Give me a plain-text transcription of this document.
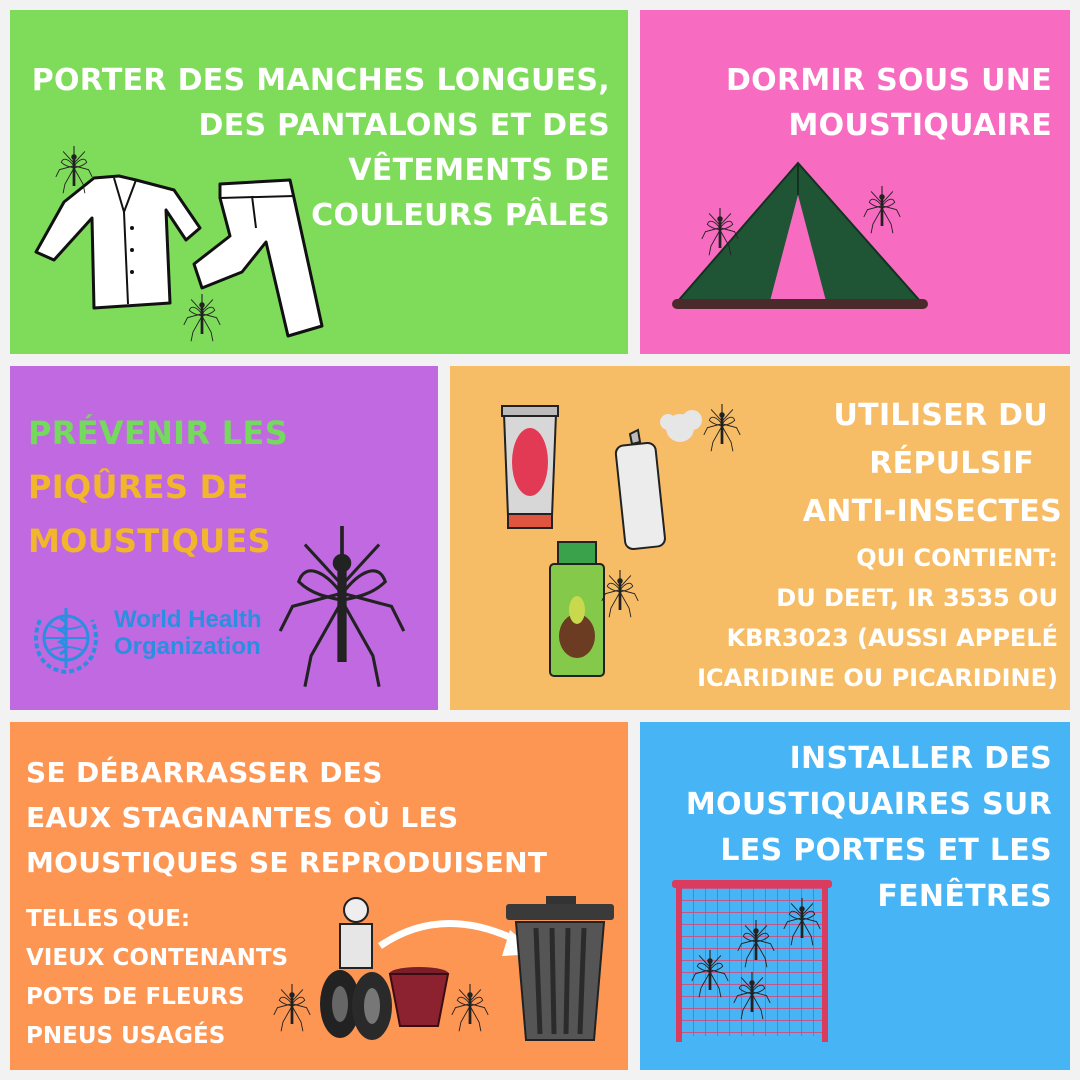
PORTER DES MANCHES LONGUES,
DES PANTALONS ET DES
VÊTEMENTS DE
COULEURS PÂLES
DORMIR SOUS UNE
MOUSTIQUAIRE
PRÉVENIR LES
PIQÛRES DE
MOUSTIQUES
World Health
Organization
UTILISER DU
RÉPULSIF
ANTI-INSECTES
QUI CONTIENT:
DU DEET, IR 3535 OU
KBR3023 (AUSSI APPELÉ
ICARIDINE OU PICARIDINE)
SE DÉBARRASSER DES
EAUX STAGNANTES OÙ LES
MOUSTIQUES SE REPRODUISENT
TELLES QUE:
VIEUX CONTENANTS
POTS DE FLEURS
PNEUS USAGÉS
INSTALLER DES
MOUSTIQUAIRES SUR
LES PORTES ET LES
FENÊTRES
